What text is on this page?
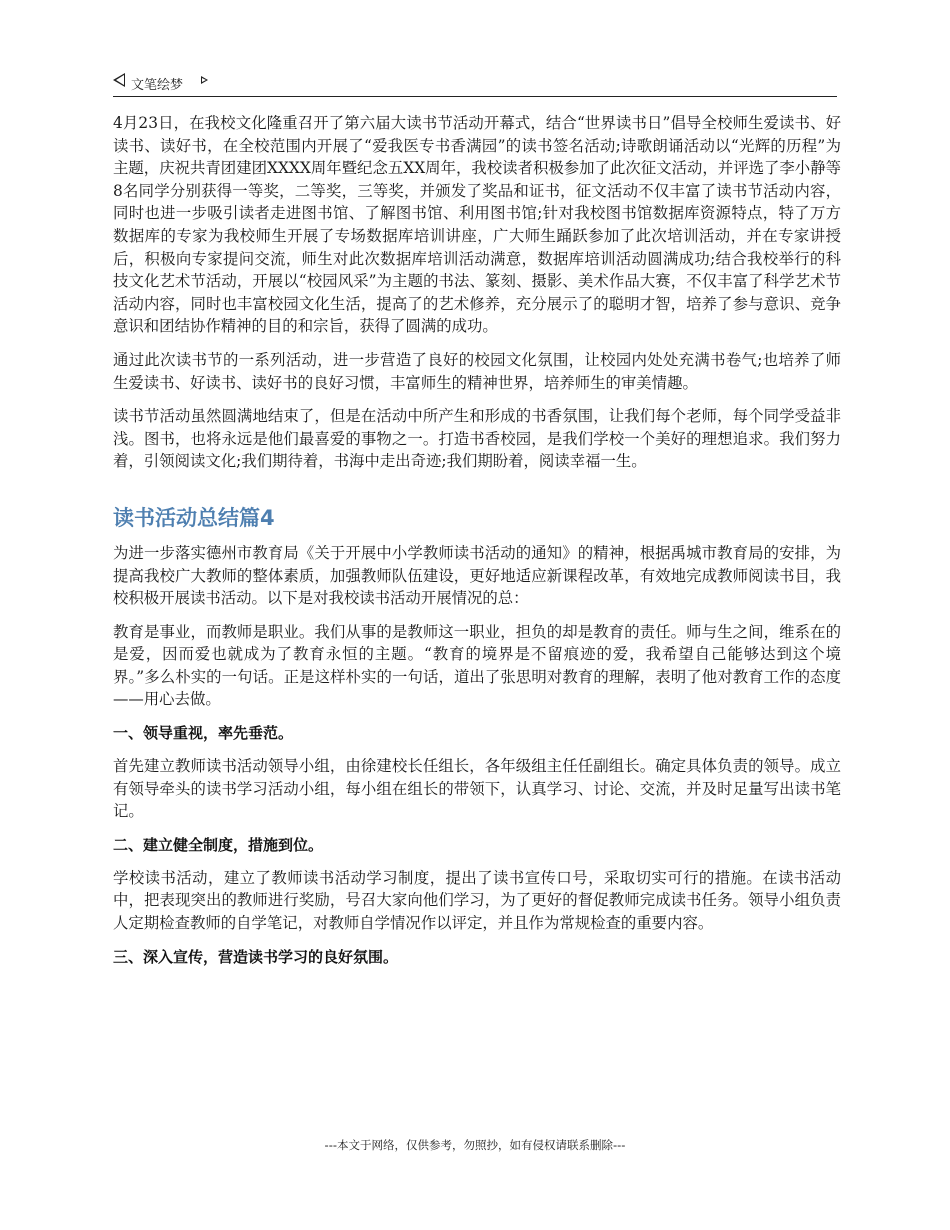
文笔绘梦

4月23日，在我校文化隆重召开了第六届大读书节活动开幕式，结合“世界读书日”倡导全校师生爱读书、好读书、读好书，在全校范围内开展了“爱我医专书香满园”的读书签名活动;诗歌朗诵活动以“光辉的历程”为主题，庆祝共青团建团XXXX周年暨纪念五XX周年，我校读者积极参加了此次征文活动，并评选了李小静等8名同学分别获得一等奖，二等奖，三等奖，并颁发了奖品和证书，征文活动不仅丰富了读书节活动内容，同时也进一步吸引读者走进图书馆、了解图书馆、利用图书馆;针对我校图书馆数据库资源特点，特了万方数据库的专家为我校师生开展了专场数据库培训讲座，广大师生踊跃参加了此次培训活动，并在专家讲授后，积极向专家提问交流，师生对此次数据库培训活动满意，数据库培训活动圆满成功;结合我校举行的科技文化艺术节活动，开展以“校园风采”为主题的书法、篆刻、摄影、美术作品大赛，不仅丰富了科学艺术节活动内容，同时也丰富校园文化生活，提高了的艺术修养，充分展示了的聪明才智，培养了参与意识、竞争意识和团结协作精神的目的和宗旨，获得了圆满的成功。

通过此次读书节的一系列活动，进一步营造了良好的校园文化氛围，让校园内处处充满书卷气;也培养了师生爱读书、好读书、读好书的良好习惯，丰富师生的精神世界，培养师生的审美情趣。

读书节活动虽然圆满地结束了，但是在活动中所产生和形成的书香氛围，让我们每个老师，每个同学受益非浅。图书，也将永远是他们最喜爱的事物之一。打造书香校园，是我们学校一个美好的理想追求。我们努力着，引领阅读文化;我们期待着，书海中走出奇迹;我们期盼着，阅读幸福一生。

读书活动总结篇4

为进一步落实德州市教育局《关于开展中小学教师读书活动的通知》的精神，根据禹城市教育局的安排，为提高我校广大教师的整体素质，加强教师队伍建设，更好地适应新课程改革，有效地完成教师阅读书目，我校积极开展读书活动。以下是对我校读书活动开展情况的总：

教育是事业，而教师是职业。我们从事的是教师这一职业，担负的却是教育的责任。师与生之间，维系在的是爱，因而爱也就成为了教育永恒的主题。“教育的境界是不留痕迹的爱，我希望自己能够达到这个境界。”多么朴实的一句话。正是这样朴实的一句话，道出了张思明对教育的理解，表明了他对教育工作的态度——用心去做。

一、领导重视，率先垂范。

首先建立教师读书活动领导小组，由徐建校长任组长，各年级组主任任副组长。确定具体负责的领导。成立有领导牵头的读书学习活动小组，每小组在组长的带领下，认真学习、讨论、交流，并及时足量写出读书笔记。

二、建立健全制度，措施到位。

学校读书活动，建立了教师读书活动学习制度，提出了读书宣传口号，采取切实可行的措施。在读书活动中，把表现突出的教师进行奖励，号召大家向他们学习，为了更好的督促教师完成读书任务。领导小组负责人定期检查教师的自学笔记，对教师自学情况作以评定，并且作为常规检查的重要内容。

三、深入宣传，营造读书学习的良好氛围。
---本文于网络，仅供参考，勿照抄，如有侵权请联系删除---
